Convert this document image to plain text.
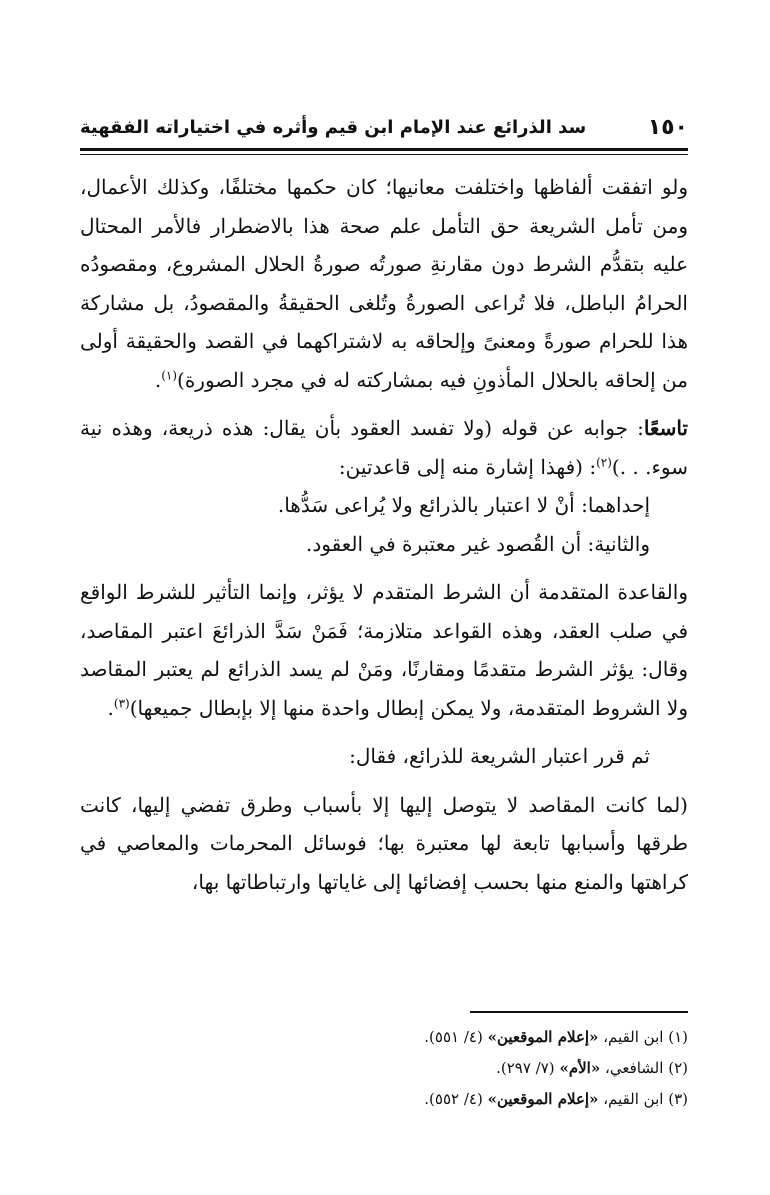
١٥٠
سد الذرائع عند الإمام ابن قيم وأثره في اختياراته الفقهية

ولو اتفقت ألفاظها واختلفت معانيها؛ كان حكمها مختلفًا، وكذلك الأعمال، ومن تأمل الشريعة حق التأمل علم صحة هذا بالاضطرار فالأمر المحتال عليه بتقدُّم الشرط دون مقارنةِ صورتُه صورةُ الحلال المشروع، ومقصودُه الحرامُ الباطل، فلا تُراعى الصورةُ وتُلغى الحقيقةُ والمقصودُ، بل مشاركة هذا للحرام صورةً ومعنىً وإلحاقه به لاشتراكهما في القصد والحقيقة أولى من إلحاقه بالحلال المأذونِ فيه بمشاركته له في مجرد الصورة)$^{(١)}$.

تاسعًا: جوابه عن قوله (ولا تفسد العقود بأن يقال: هذه ذريعة، وهذه نية سوء. . .)$^{(٢)}$: (فهذا إشارة منه إلى قاعدتين:

إحداهما: أنْ لا اعتبار بالذرائع ولا يُراعى سَدُّها.

والثانية: أن القُصود غير معتبرة في العقود.

والقاعدة المتقدمة أن الشرط المتقدم لا يؤثر، وإنما التأثير للشرط الواقع في صلب العقد، وهذه القواعد متلازمة؛ فَمَنْ سَدَّ الذرائعَ اعتبر المقاصد، وقال: يؤثر الشرط متقدمًا ومقارنًا، ومَنْ لم يسد الذرائع لم يعتبر المقاصد ولا الشروط المتقدمة، ولا يمكن إبطال واحدة منها إلا بإبطال جميعها)$^{(٣)}$.

ثم قرر اعتبار الشريعة للذرائع، فقال:

(لما كانت المقاصد لا يتوصل إليها إلا بأسباب وطرق تفضي إليها، كانت طرقها وأسبابها تابعة لها معتبرة بها؛ فوسائل المحرمات والمعاصي في كراهتها والمنع منها بحسب إفضائها إلى غاياتها وارتباطاتها بها،

(١) ابن القيم، «إعلام الموقعين» (٤/ ٥٥١).

(٢) الشافعي، «الأم» (٧/ ٢٩٧).

(٣) ابن القيم، «إعلام الموقعين» (٤/ ٥٥٢).
